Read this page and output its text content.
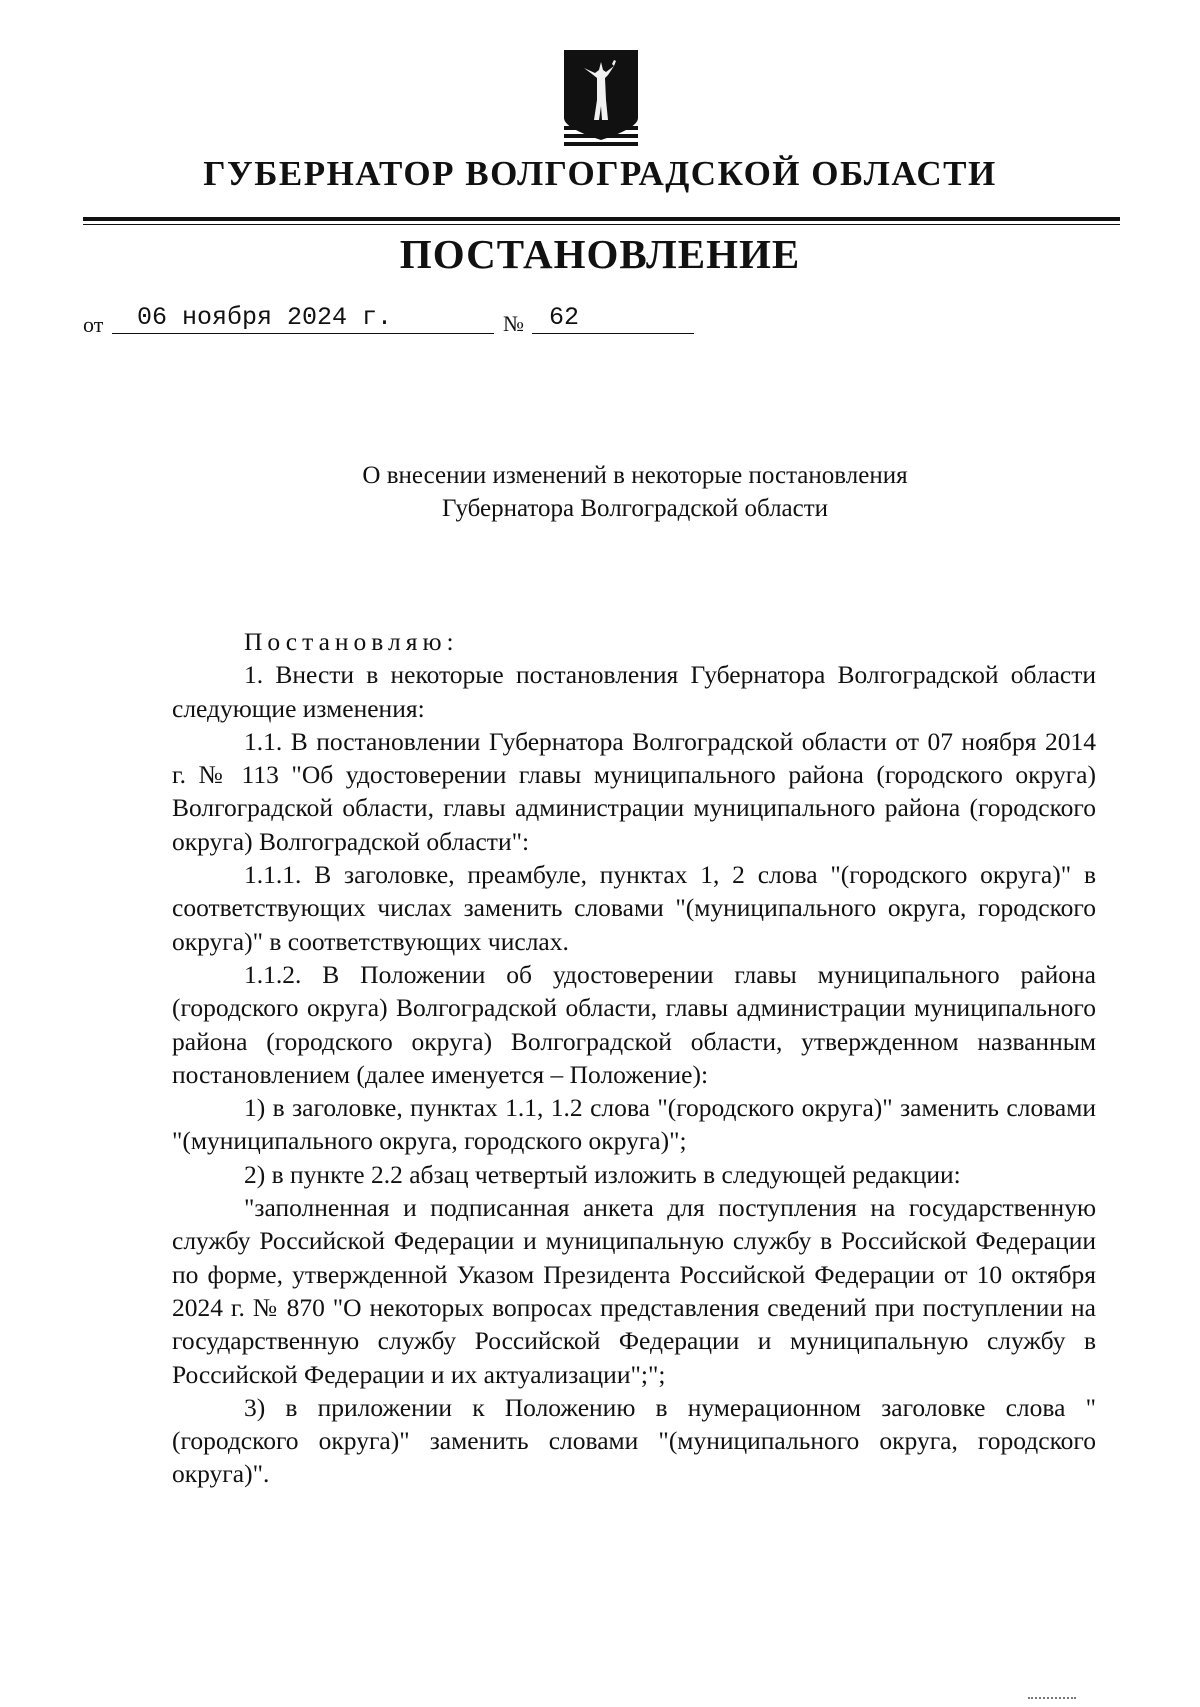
ГУБЕРНАТОР ВОЛГОГРАДСКОЙ ОБЛАСТИ
ПОСТАНОВЛЕНИЕ
от 06 ноября 2024 г.	№ 62
О внесении изменений в некоторые постановления
Губернатора Волгоградской области

Постановляю:

1. Внести в некоторые постановления Губернатора Волгоградской области следующие изменения:

1.1. В постановлении Губернатора Волгоградской области от 07 ноября 2014 г. № 113 "Об удостоверении главы муниципального района (городского округа) Волгоградской области, главы администрации муниципального района (городского округа) Волгоградской области":

1.1.1. В заголовке, преамбуле, пунктах 1, 2 слова "(городского округа)" в соответствующих числах заменить словами "(муниципального округа, городского округа)" в соответствующих числах.

1.1.2. В Положении об удостоверении главы муниципального района (городского округа) Волгоградской области, главы администрации муниципального района (городского округа) Волгоградской области, утвержденном названным постановлением (далее именуется – Положение):

1) в заголовке, пунктах 1.1, 1.2 слова "(городского округа)" заменить словами "(муниципального округа, городского округа)";

2) в пункте 2.2 абзац четвертый изложить в следующей редакции:

"заполненная и подписанная анкета для поступления на государственную службу Российской Федерации и муниципальную службу в Российской Федерации по форме, утвержденной Указом Президента Российской Федерации от 10 октября 2024 г. № 870 "О некоторых вопросах представления сведений при поступлении на государственную службу Российской Федерации и муниципальную службу в Российской Федерации и их актуализации";";

3) в приложении к Положению в нумерационном заголовке слова "(городского округа)" заменить словами "(муниципального округа, городского округа)".
